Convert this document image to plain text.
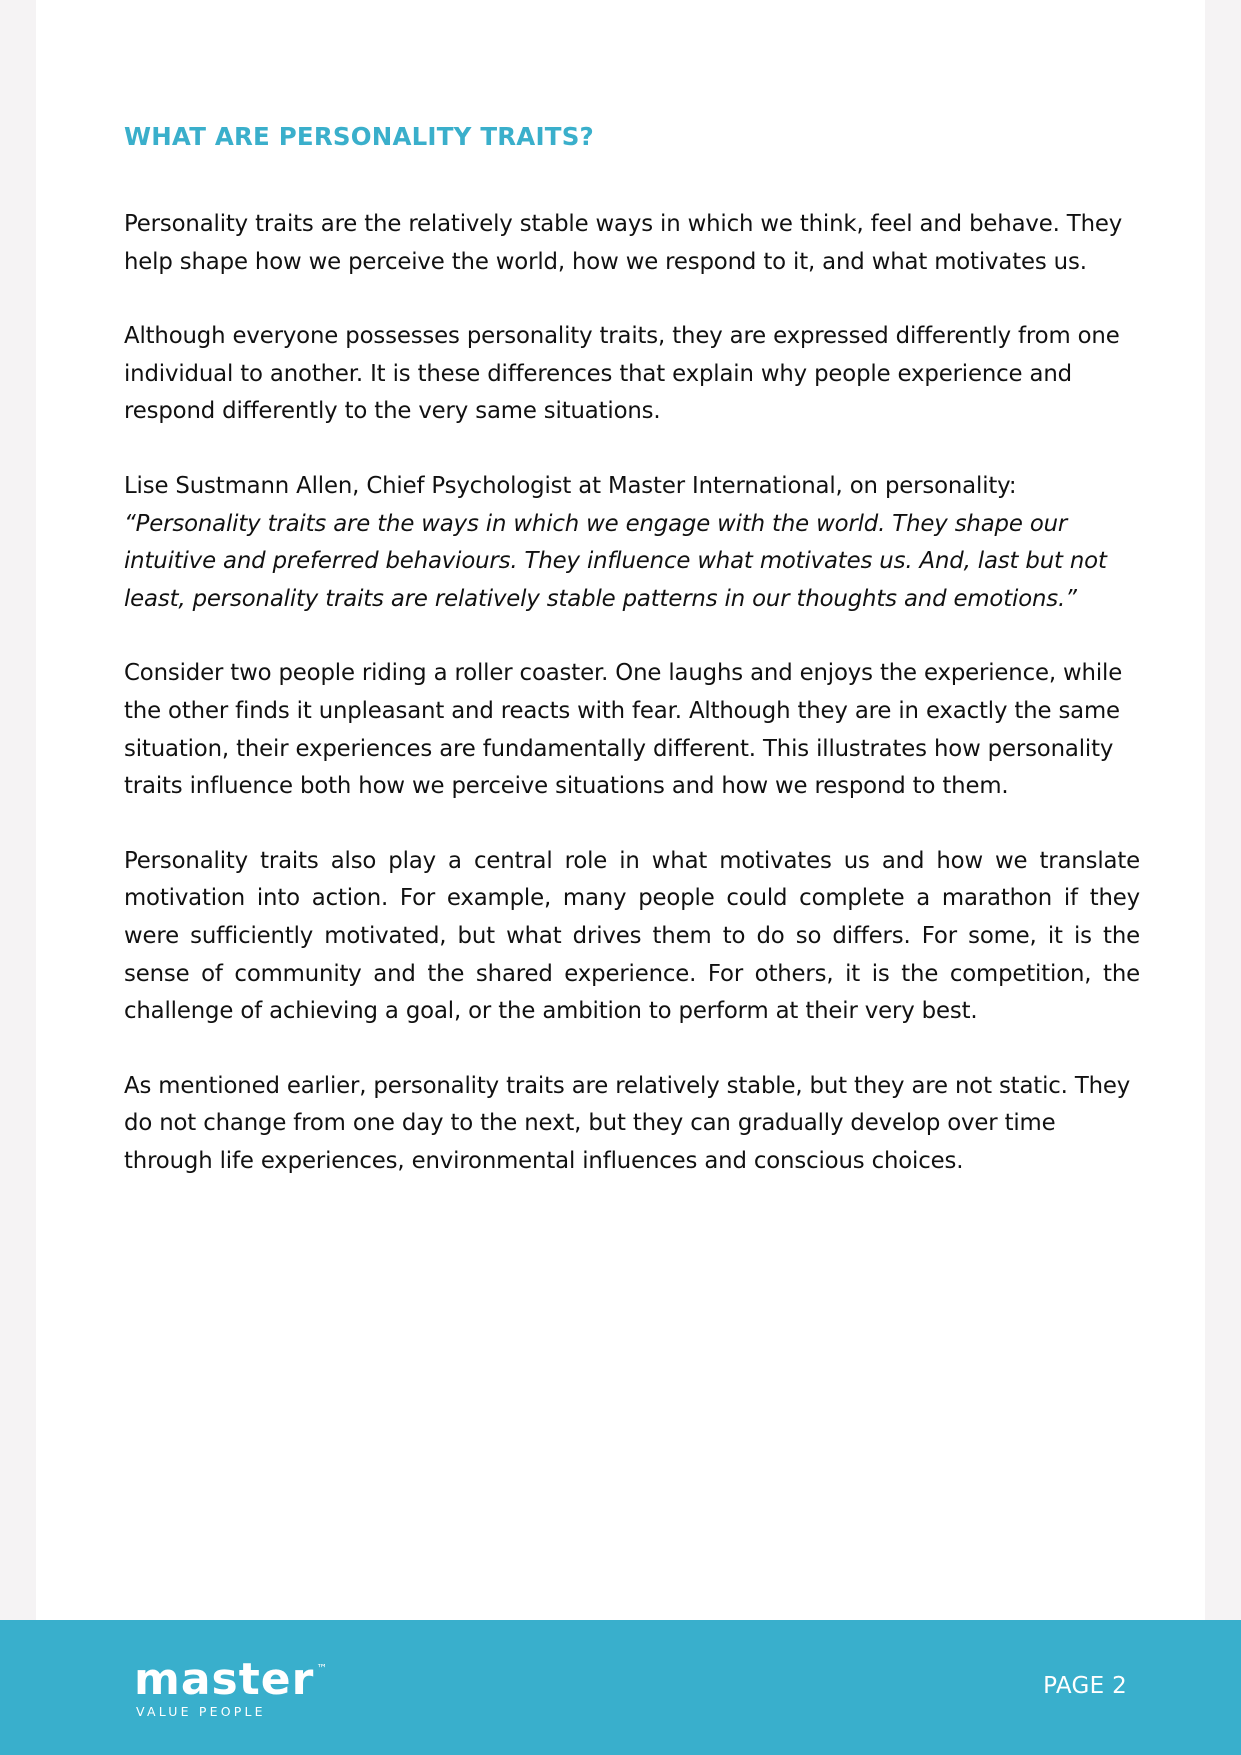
WHAT ARE PERSONALITY TRAITS?

Personality traits are the relatively stable ways in which we think, feel and behave. They help shape how we perceive the world, how we respond to it, and what motivates us.

Although everyone possesses personality traits, they are expressed differently from one individual to another. It is these differences that explain why people experience and respond differently to the very same situations.

Lise Sustmann Allen, Chief Psychologist at Master International, on personality:
“Personality traits are the ways in which we engage with the world. They shape our intuitive and preferred behaviours. They influence what motivates us. And, last but not least, personality traits are relatively stable patterns in our thoughts and emotions.”

Consider two people riding a roller coaster. One laughs and enjoys the experience, while the other finds it unpleasant and reacts with fear. Although they are in exactly the same situation, their experiences are fundamentally different. This illustrates how personality traits influence both how we perceive situations and how we respond to them.

Personality traits also play a central role in what motivates us and how we translate motivation into action. For example, many people could complete a marathon if they were sufficiently motivated, but what drives them to do so differs. For some, it is the sense of community and the shared experience. For others, it is the competition, the challenge of achieving a goal, or the ambition to perform at their very best.

As mentioned earlier, personality traits are relatively stable, but they are not static. They do not change from one day to the next, but they can gradually develop over time through life experiences, environmental influences and conscious choices.

master ™
VALUE PEOPLE
PAGE 2
